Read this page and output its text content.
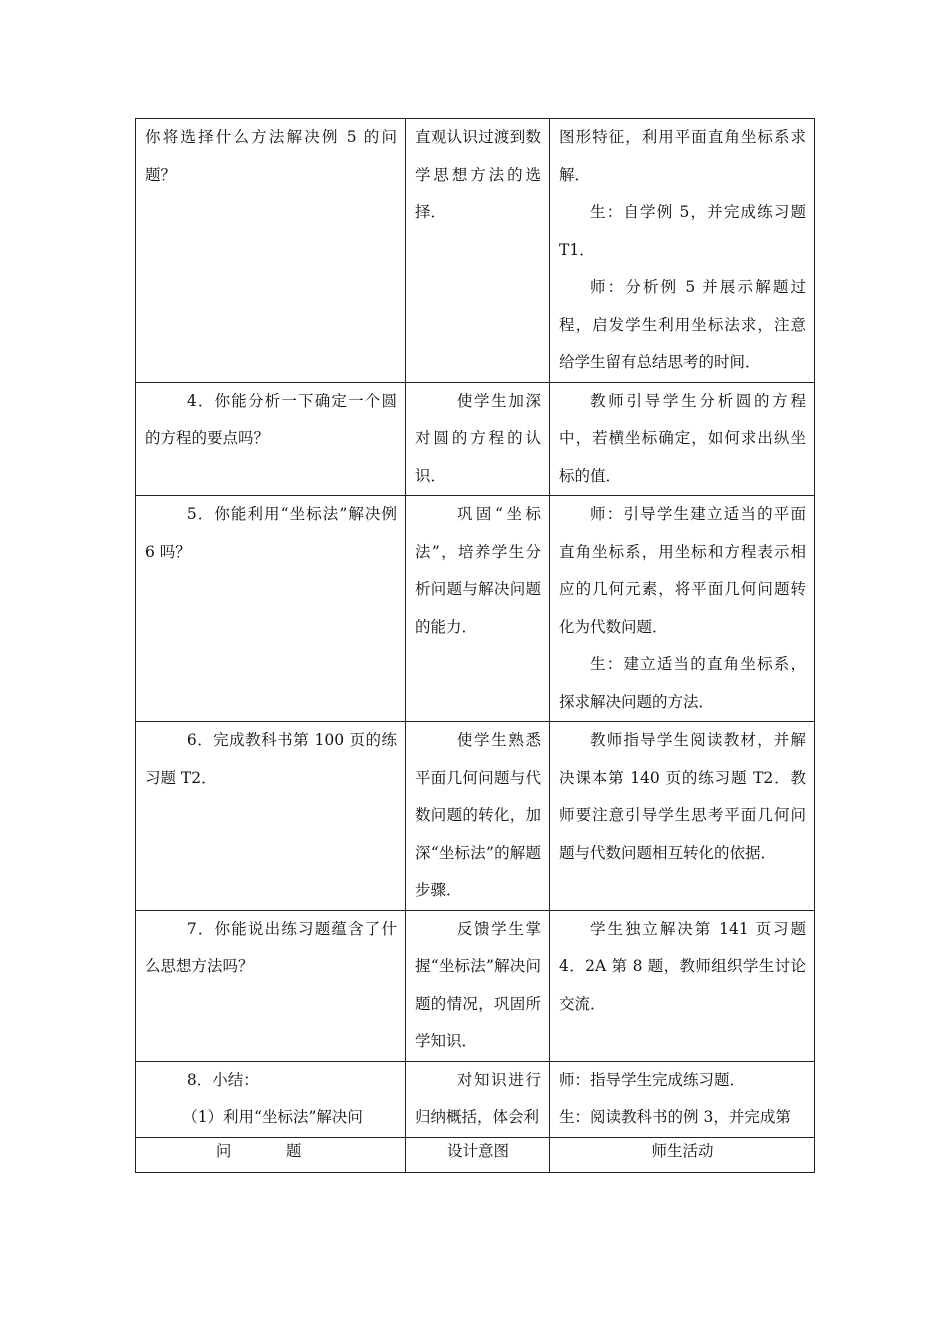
你将选择什么方法解决例 5 的问题？	直观认识过渡到数学思想方法的选择．	图形特征，利用平面直角坐标系求解．
生：自学例 5，并完成练习题 T1．
师：分析例 5 并展示解题过程，启发学生利用坐标法求，注意给学生留有总结思考的时间．

4．你能分析一下确定一个圆的方程的要点吗？	使学生加深对圆的方程的认识．	教师引导学生分析圆的方程中，若横坐标确定，如何求出纵坐标的值．

5．你能利用“坐标法”解决例 6 吗？	巩固“坐标法”，培养学生分析问题与解决问题的能力．	师：引导学生建立适当的平面直角坐标系，用坐标和方程表示相应的几何元素，将平面几何问题转化为代数问题．
生：建立适当的直角坐标系，探求解决问题的方法．

6．完成教科书第 100 页的练习题 T2．	使学生熟悉平面几何问题与代数问题的转化，加深“坐标法”的解题步骤．	教师指导学生阅读教材，并解决课本第 140 页的练习题 T2．教师要注意引导学生思考平面几何问题与代数问题相互转化的依据．

7．你能说出练习题蕴含了什么思想方法吗？	反馈学生掌握“坐标法”解决问题的情况，巩固所学知识．	学生独立解决第 141 页习题 4．2A 第 8 题，教师组织学生讨论交流．

8．小结：
（1）利用“坐标法”解决问	对知识进行归纳概括，体会利	师：指导学生完成练习题．
生：阅读教科书的例 3，并完成第

问 题	设计意图	师生活动
